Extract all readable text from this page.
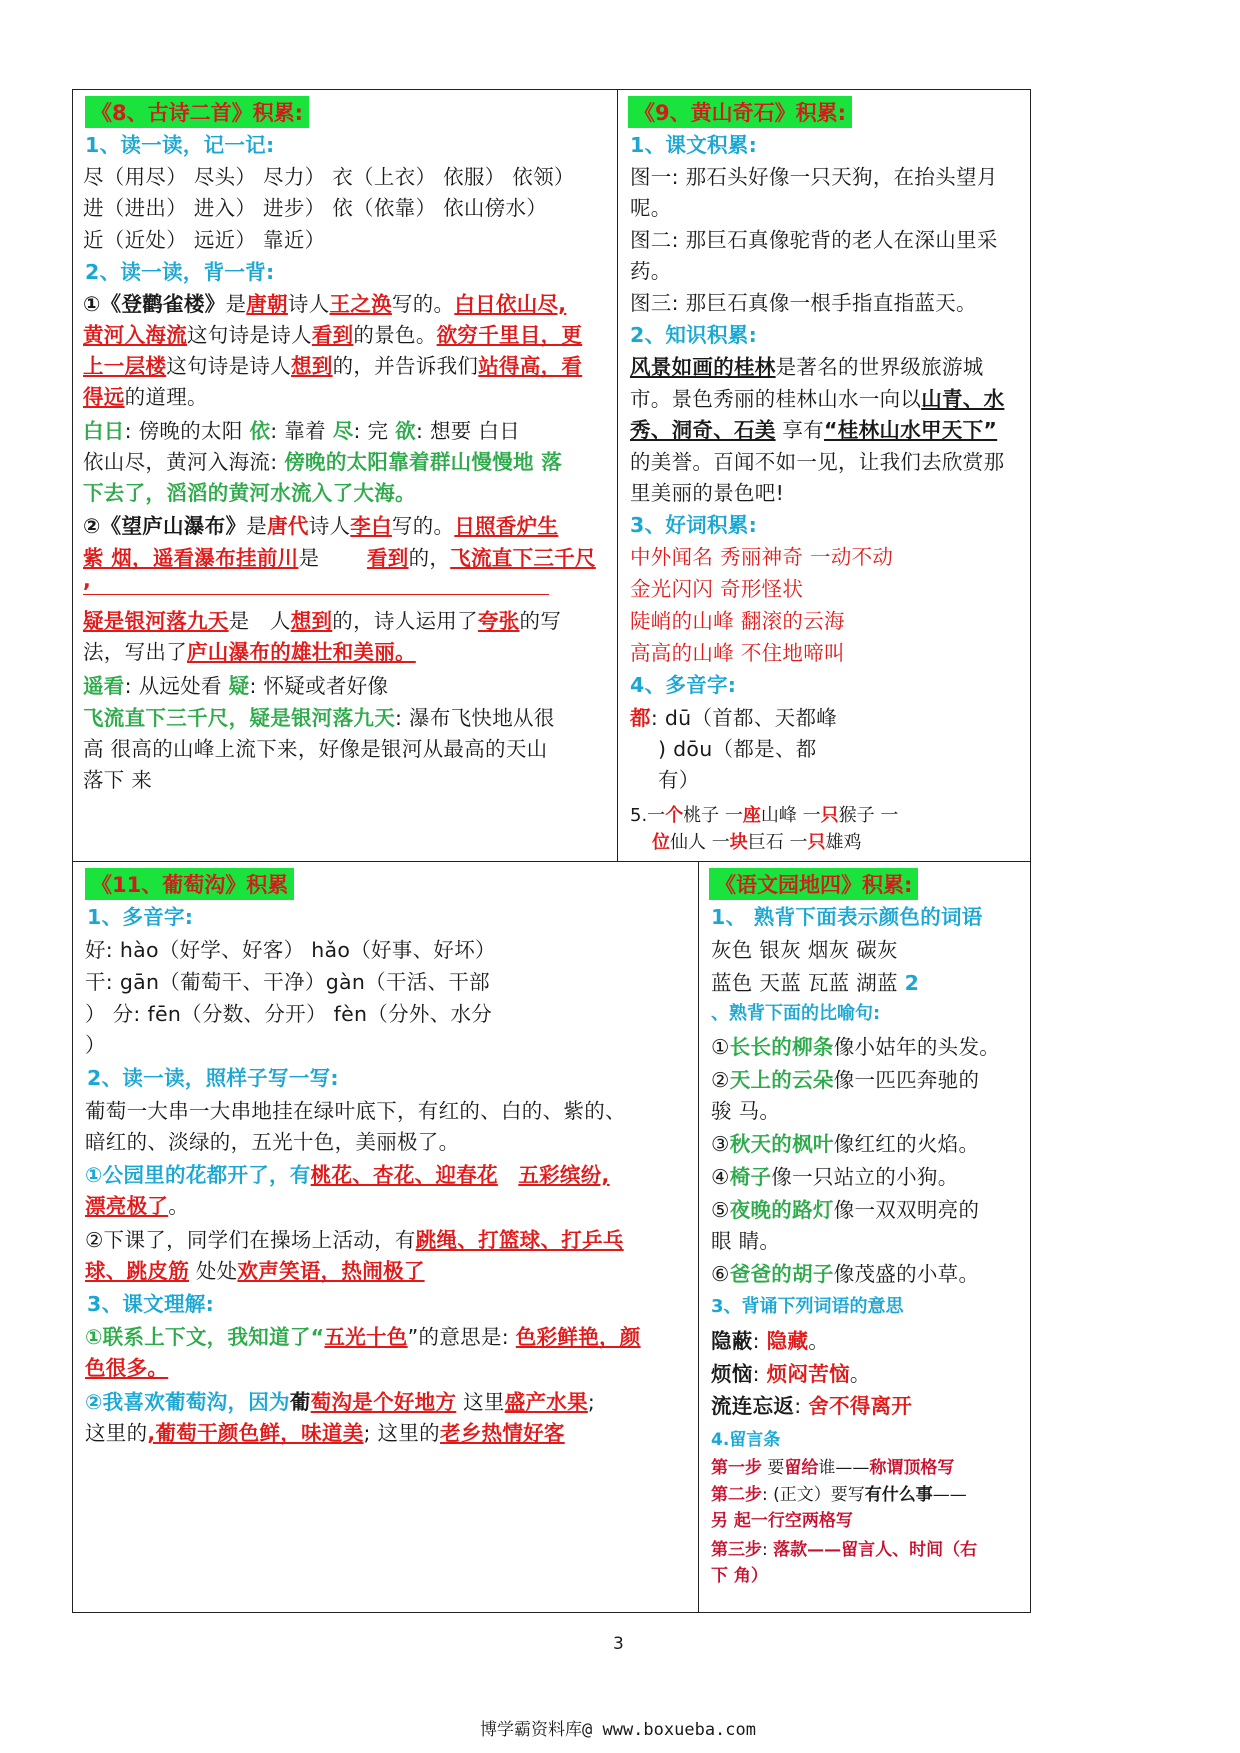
《8、古诗二首》积累:
1、读一读，记一记:
尽（用尽） 尽头） 尽力） 衣（上衣） 依服） 依领）
进（进出） 进入） 进步） 依（依靠） 依山傍水）
近（近处） 远近） 靠近）
2、读一读，背一背:
①《登鹳雀楼》是唐朝诗人王之涣写的。白日依山尽,
黄河入海流这句诗是诗人看到的景色。欲穷千里目，更
上一层楼这句诗是诗人想到的，并告诉我们站得高，看
得远的道理。
白日: 傍晚的太阳 依: 靠着 尽: 完 欲: 想要 白日
依山尽，黄河入海流: 傍晚的太阳靠着群山慢慢地 落
下去了，滔滔的黄河水流入了大海。
②《望庐山瀑布》是唐代诗人李白写的。日照香炉生
紫 烟，遥看瀑布挂前川是 看到的，飞流直下三千尺
,
疑是银河落九天是 人想到的，诗人运用了夸张的写
法，写出了庐山瀑布的雄壮和美丽。
遥看: 从远处看 疑: 怀疑或者好像
飞流直下三千尺，疑是银河落九天: 瀑布飞快地从很
高 很高的山峰上流下来，好像是银河从最高的天山
落下 来
《9、黄山奇石》积累:
1、课文积累:
图一: 那石头好像一只天狗，在抬头望月
呢。
图二: 那巨石真像驼背的老人在深山里采
药。
图三: 那巨石真像一根手指直指蓝天。
2、知识积累:
风景如画的桂林是著名的世界级旅游城
市。景色秀丽的桂林山水一向以山青、水
秀、洞奇、石美 享有“桂林山水甲天下”
的美誉。百闻不如一见，让我们去欣赏那
里美丽的景色吧!
3、好词积累:
中外闻名 秀丽神奇 一动不动
金光闪闪 奇形怪状
陡峭的山峰 翻滚的云海
高高的山峰 不住地啼叫
4、多音字:
都: dū（首都、天都峰
) dōu（都是、都
有）
5.一个桃子 一座山峰 一只猴子 一
位仙人 一块巨石 一只雄鸡
《11、葡萄沟》积累
1、多音字:
好: hào（好学、好客） hǎo（好事、好坏）
干: gān（葡萄干、干净）gàn（干活、干部
） 分: fēn（分数、分开） fèn（分外、水分
）
2、读一读，照样子写一写:
葡萄一大串一大串地挂在绿叶底下，有红的、白的、紫的、
暗红的、淡绿的，五光十色，美丽极了。
①公园里的花都开了，有桃花、杏花、迎春花 五彩缤纷,
漂亮极了。
②下课了，同学们在操场上活动，有跳绳、打篮球、打乒乓
球、跳皮筋 处处欢声笑语，热闹极了
3、课文理解:
①联系上下文，我知道了“五光十色”的意思是: 色彩鲜艳，颜
色很多。
②我喜欢葡萄沟，因为葡萄沟是个好地方 这里盛产水果;
这里的,葡萄干颜色鲜，味道美; 这里的老乡热情好客
《语文园地四》积累:
1、 熟背下面表示颜色的词语
灰色 银灰 烟灰 碳灰
蓝色 天蓝 瓦蓝 湖蓝 2
、熟背下面的比喻句:
①长长的柳条像小姑年的头发。
②天上的云朵像一匹匹奔驰的
骏 马。
③秋天的枫叶像红红的火焰。
④椅子像一只站立的小狗。
⑤夜晚的路灯像一双双明亮的
眼 睛。
⑥爸爸的胡子像茂盛的小草。
3、背诵下列词语的意思
隐蔽: 隐藏。
烦恼: 烦闷苦恼。
流连忘返: 舍不得离开
4.留言条
第一步 要留给谁——称谓顶格写
第二步: (正文）要写有什么事——
另 起一行空两格写
第三步: 落款——留言人、时间（右
下 角）
3
博学霸资料库@ www.boxueba.com
